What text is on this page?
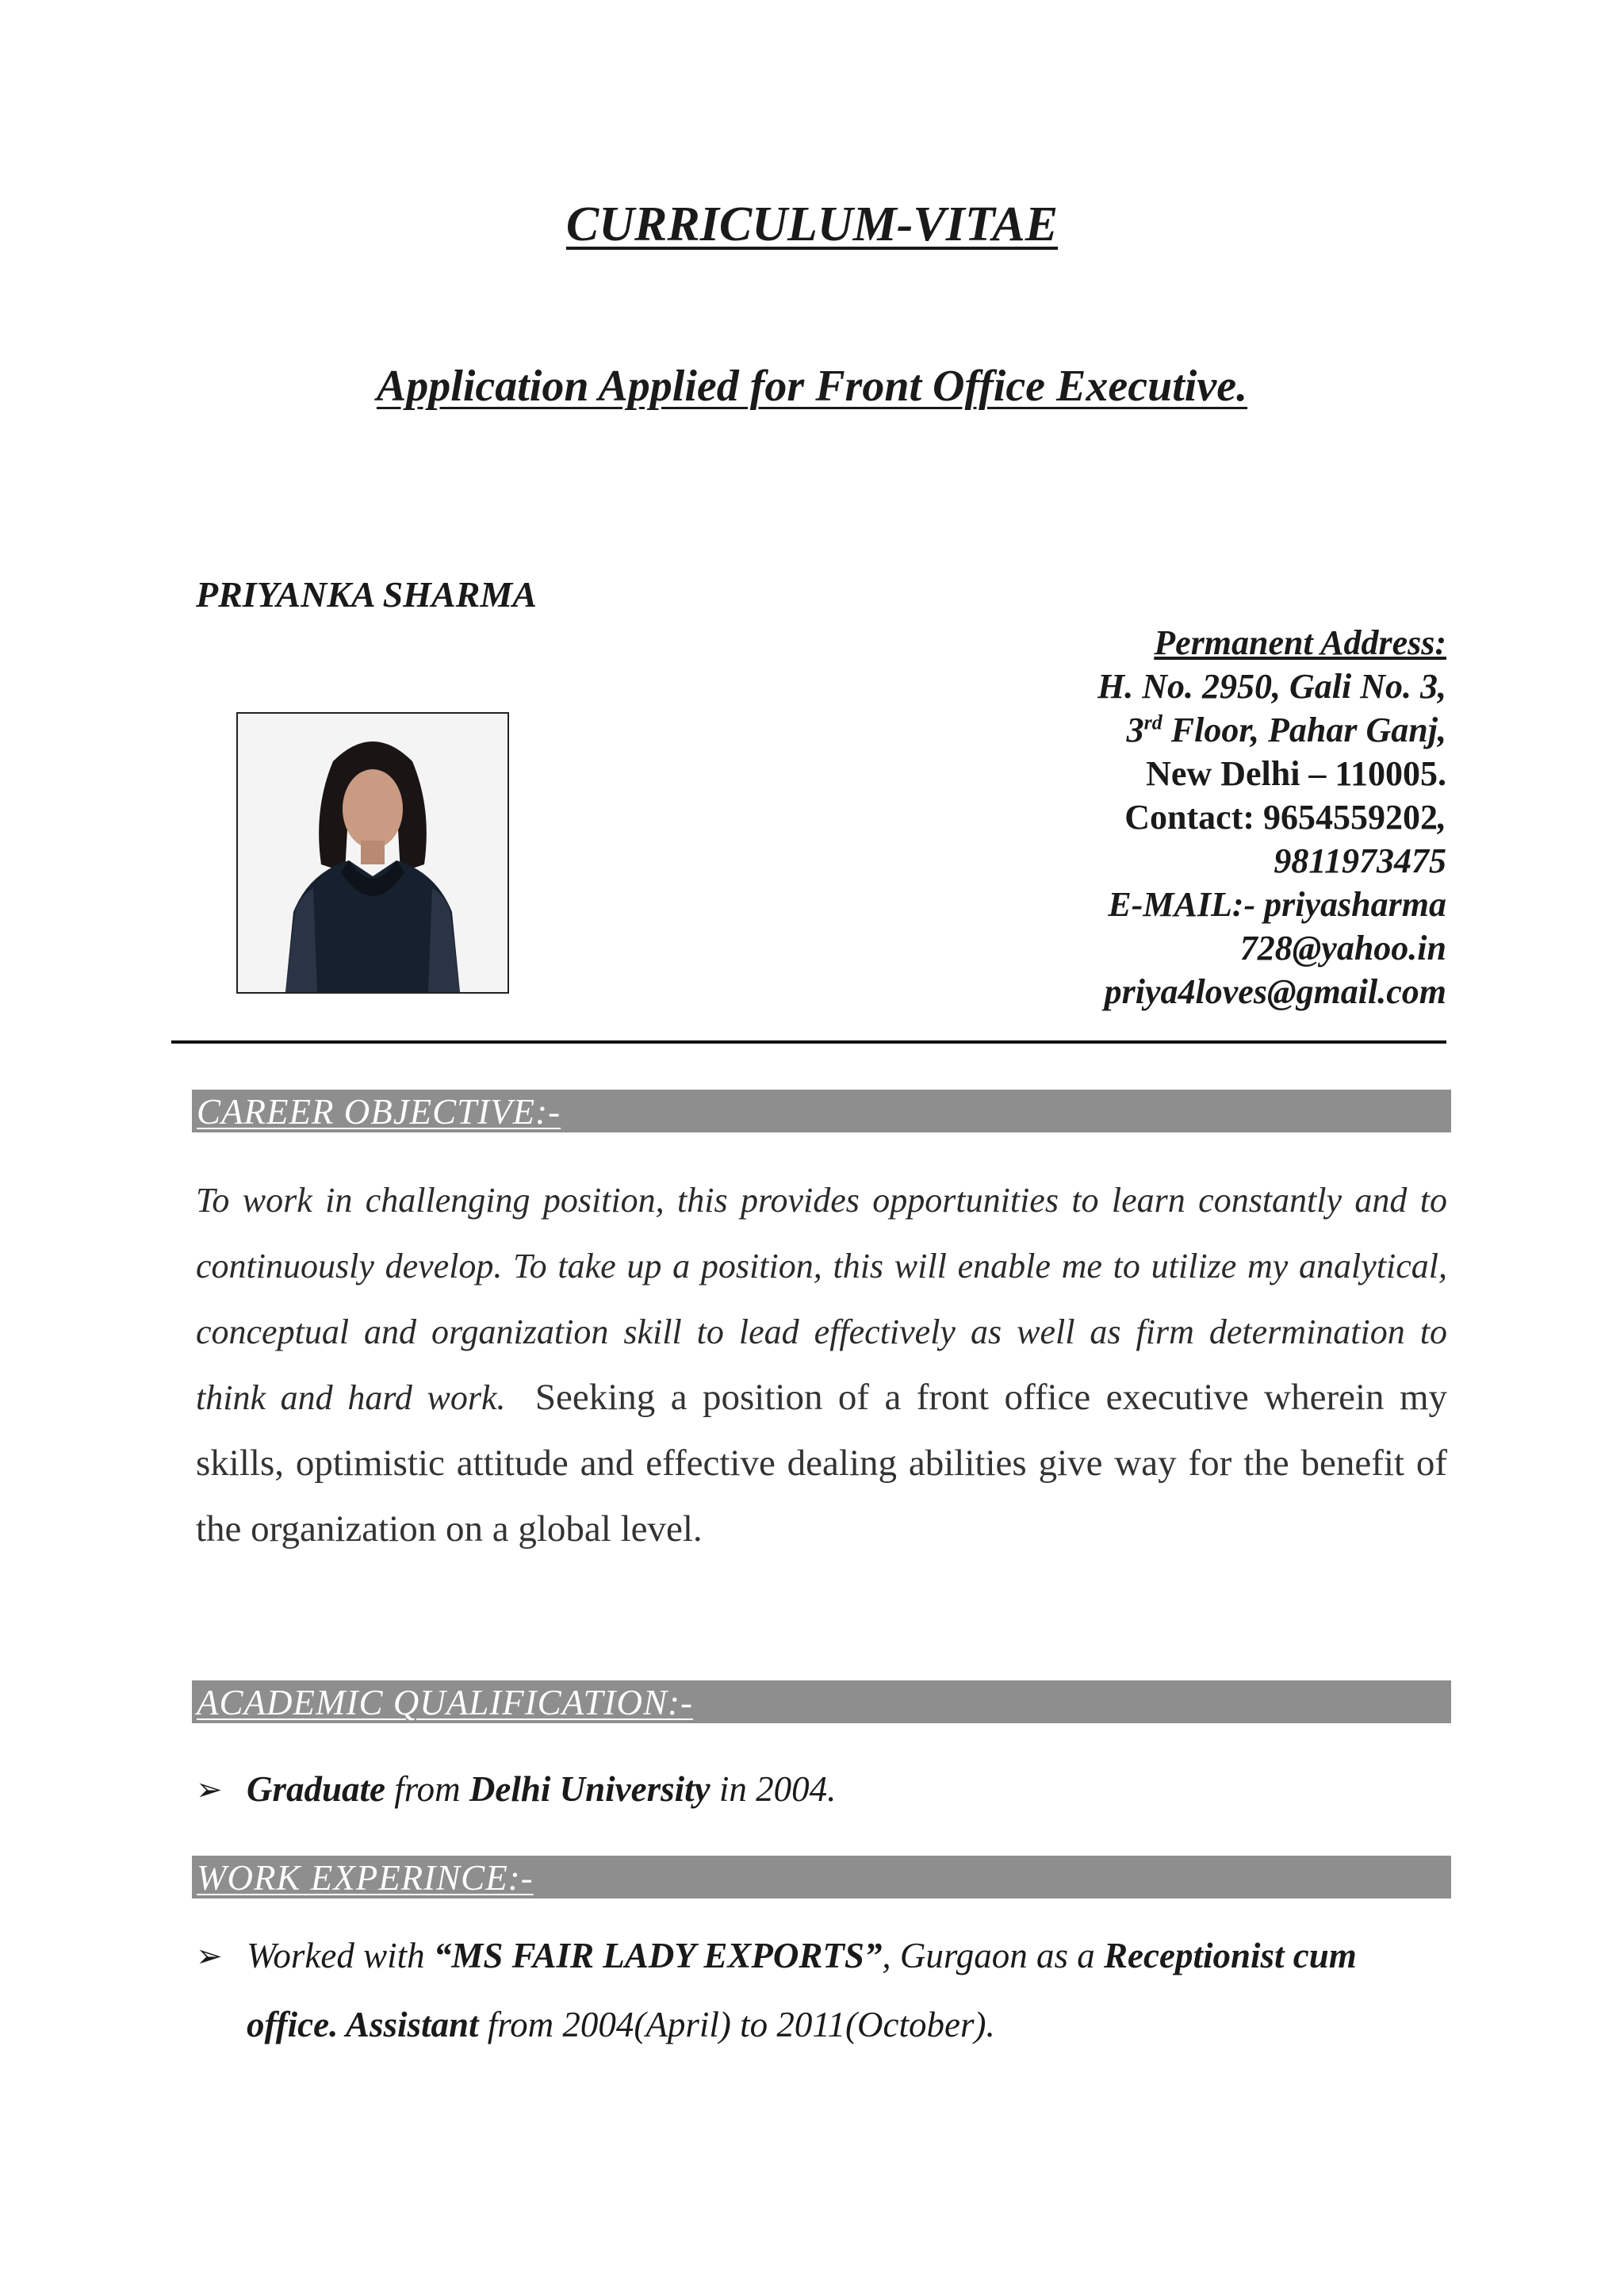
CURRICULUM-VITAE
Application Applied for Front Office Executive.
PRIYANKA SHARMA
Permanent Address:
H. No. 2950, Gali No. 3,
3rd Floor, Pahar Ganj,
New Delhi – 110005.
Contact: 9654559202,
9811973475
E-MAIL:- priyasharma
728@yahoo.in
priya4loves@gmail.com
CAREER OBJECTIVE:-
To work in challenging position, this provides opportunities to learn constantly and to continuously develop. To take up a position, this will enable me to utilize my analytical, conceptual and organization skill to lead effectively as well as firm determination to think and hard work. Seeking a position of a front office executive wherein my skills, optimistic attitude and effective dealing abilities give way for the benefit of the organization on a global level.
ACADEMIC QUALIFICATION:-
➢ Graduate from Delhi University in 2004.
WORK EXPERINCE:-
➢ Worked with “MS FAIR LADY EXPORTS”, Gurgaon as a Receptionist cum office. Assistant from 2004(April) to 2011(October).
